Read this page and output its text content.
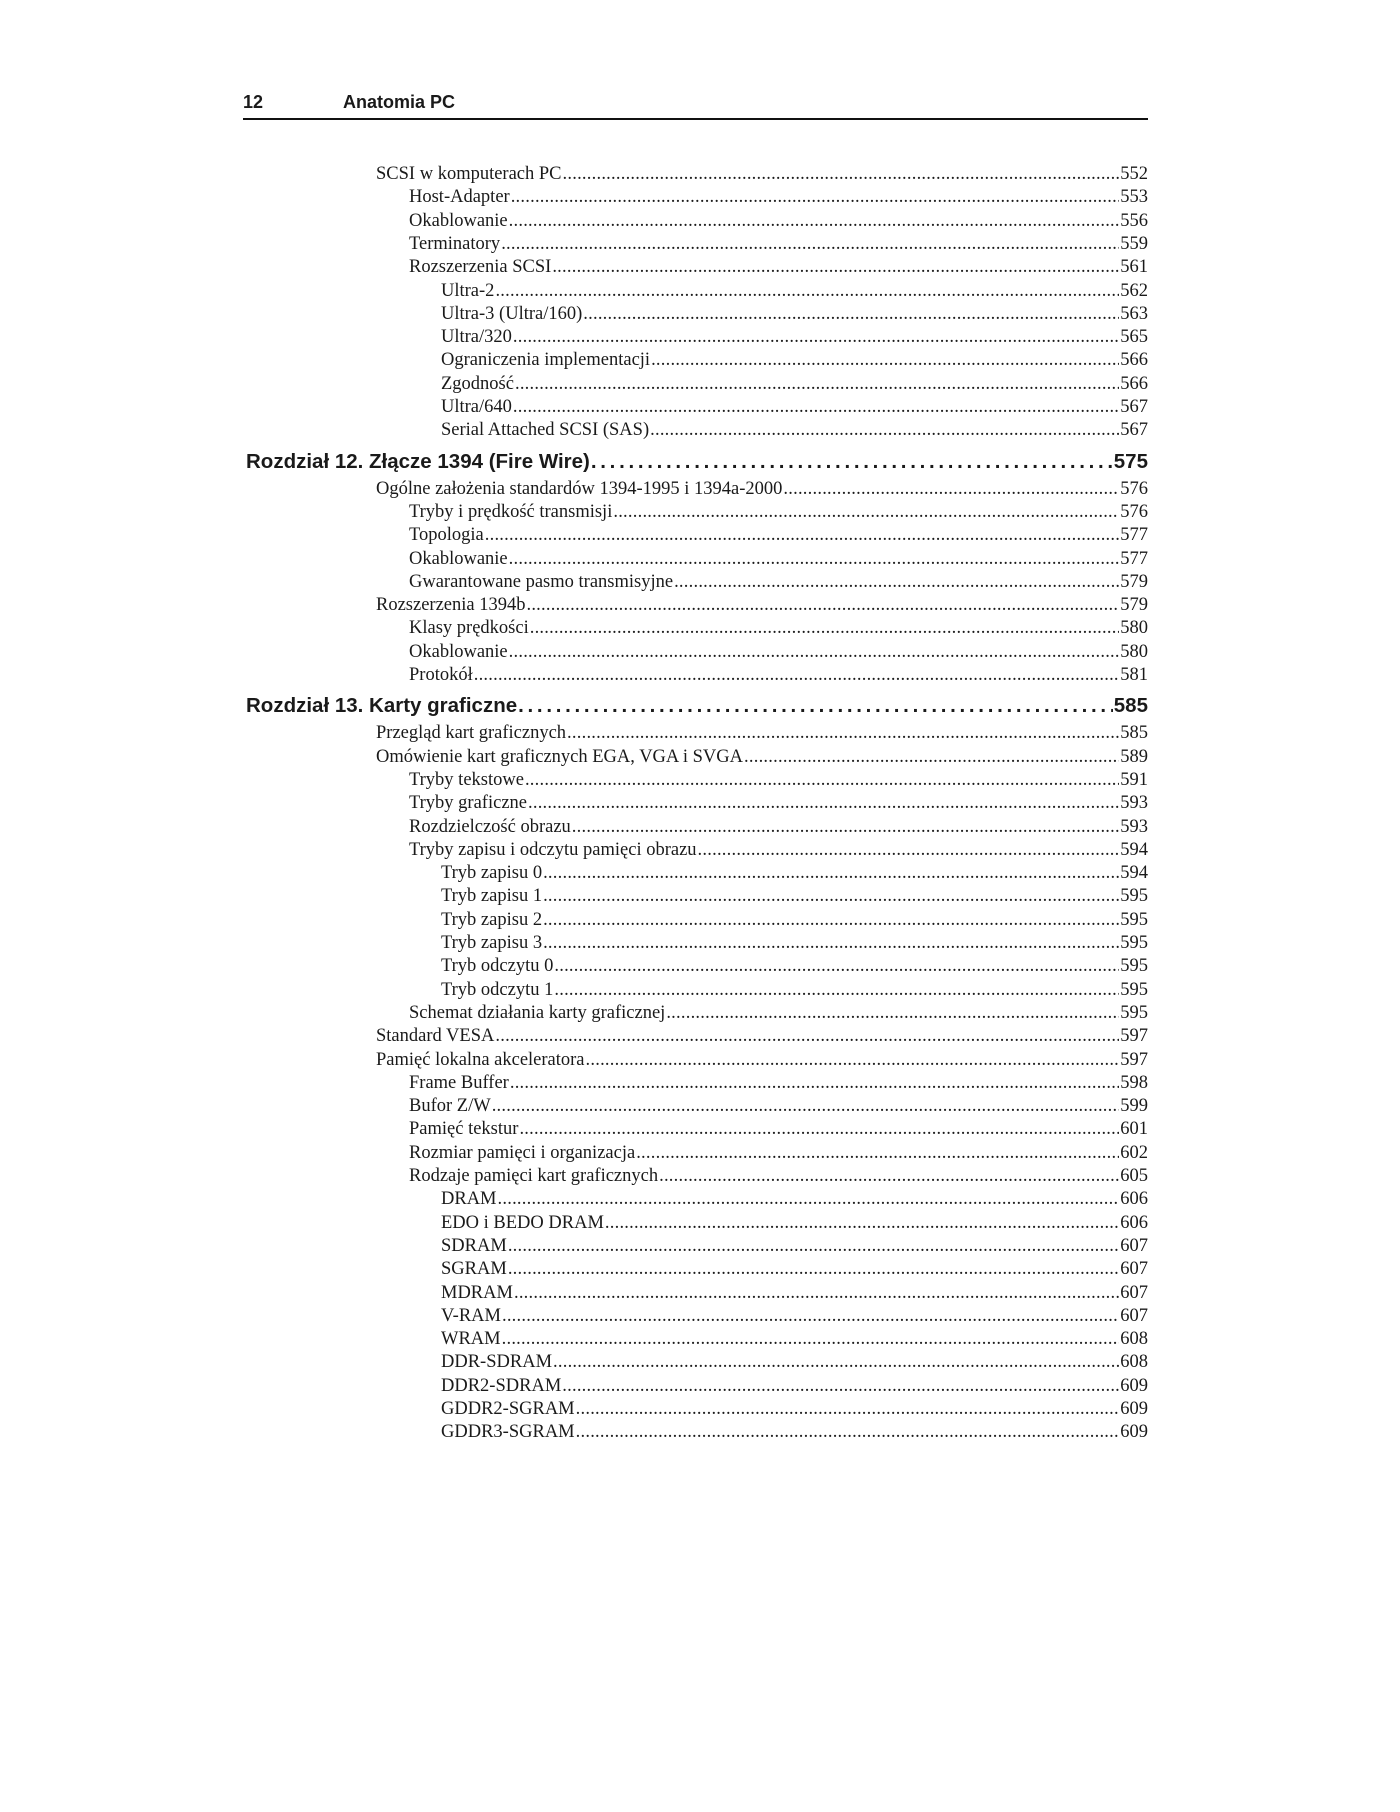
12	Anatomia PC
SCSI w komputerach PC . . .	552
Host-Adapter . . .	553
Okablowanie . . .	556
Terminatory . . .	559
Rozszerzenia SCSI . . .	561
Ultra-2 . . .	562
Ultra-3 (Ultra/160) . . .	563
Ultra/320 . . .	565
Ograniczenia implementacji . . .	566
Zgodność . . .	566
Ultra/640 . . .	567
Serial Attached SCSI (SAS) . . .	567
Rozdział 12. Złącze 1394 (Fire Wire) . . .	575
Ogólne założenia standardów 1394-1995 i 1394a-2000 . . .	576
Tryby i prędkość transmisji . . .	576
Topologia . . .	577
Okablowanie . . .	577
Gwarantowane pasmo transmisyjne . . .	579
Rozszerzenia 1394b . . .	579
Klasy prędkości . . .	580
Okablowanie . . .	580
Protokół . . .	581
Rozdział 13. Karty graficzne . . .	585
Przegląd kart graficznych . . .	585
Omówienie kart graficznych EGA, VGA i SVGA . . .	589
Tryby tekstowe . . .	591
Tryby graficzne . . .	593
Rozdzielczość obrazu . . .	593
Tryby zapisu i odczytu pamięci obrazu . . .	594
Tryb zapisu 0 . . .	594
Tryb zapisu 1 . . .	595
Tryb zapisu 2 . . .	595
Tryb zapisu 3 . . .	595
Tryb odczytu 0 . . .	595
Tryb odczytu 1 . . .	595
Schemat działania karty graficznej . . .	595
Standard VESA . . .	597
Pamięć lokalna akceleratora . . .	597
Frame Buffer . . .	598
Bufor Z/W . . .	599
Pamięć tekstur . . .	601
Rozmiar pamięci i organizacja . . .	602
Rodzaje pamięci kart graficznych . . .	605
DRAM . . .	606
EDO i BEDO DRAM . . .	606
SDRAM . . .	607
SGRAM . . .	607
MDRAM . . .	607
V-RAM . . .	607
WRAM . . .	608
DDR-SDRAM . . .	608
DDR2-SDRAM . . .	609
GDDR2-SGRAM . . .	609
GDDR3-SGRAM . . .	609
